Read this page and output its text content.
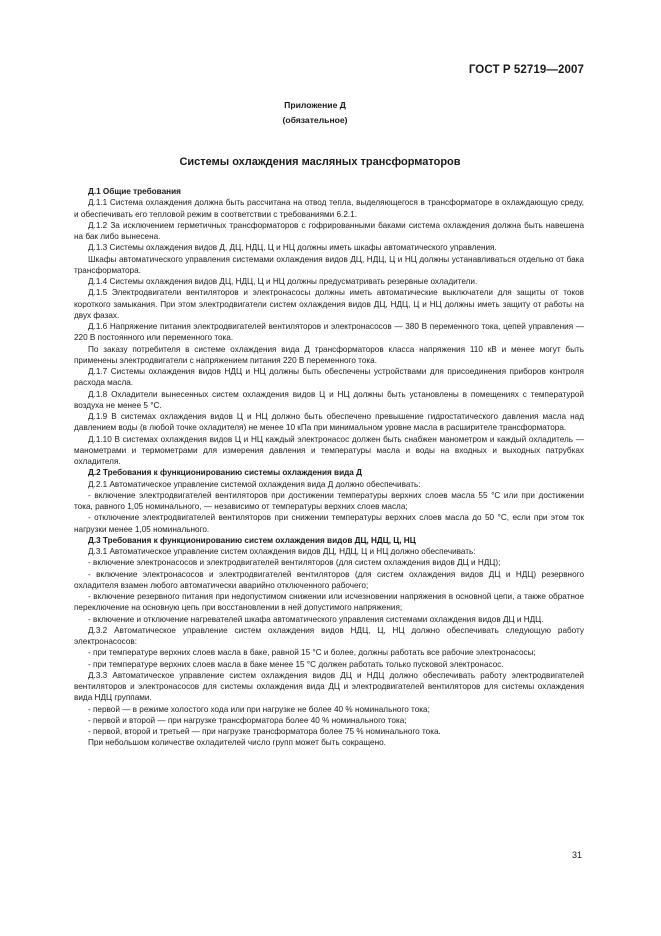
ГОСТ Р 52719—2007
Приложение Д
(обязательное)
Системы охлаждения масляных трансформаторов

Д.1 Общие требования

Д.1.1 Система охлаждения должна быть рассчитана на отвод тепла, выделяющегося в трансформаторе в охлаждающую среду, и обеспечивать его тепловой режим в соответствии с требованиями 6.2.1.

Д.1.2 За исключением герметичных трансформаторов с гофрированными баками система охлаждения должна быть навешена на бак либо вынесена.

Д.1.3 Системы охлаждения видов Д, ДЦ, НДЦ, Ц и НЦ должны иметь шкафы автоматического управления.

Шкафы автоматического управления системами охлаждения видов ДЦ, НДЦ, Ц и НЦ должны устанавливаться отдельно от бака трансформатора.

Д.1.4 Системы охлаждения видов ДЦ, НДЦ, Ц и НЦ должны предусматривать резервные охладители.

Д.1.5 Электродвигатели вентиляторов и электронасосы должны иметь автоматические выключатели для защиты от токов короткого замыкания. При этом электродвигатели систем охлаждения видов ДЦ, НДЦ, Ц и НЦ должны иметь защиту от работы на двух фазах.

Д.1.6 Напряжение питания электродвигателей вентиляторов и электронасосов — 380 В переменного тока, цепей управления — 220 В постоянного или переменного тока.

По заказу потребителя в системе охлаждения вида Д трансформаторов класса напряжения 110 кВ и менее могут быть применены электродвигатели с напряжением питания 220 В переменного тока.

Д.1.7 Системы охлаждения видов НДЦ и НЦ должны быть обеспечены устройствами для присоединения приборов контроля расхода масла.

Д.1.8 Охладители вынесенных систем охлаждения видов Ц и НЦ должны быть установлены в помещениях с температурой воздуха не менее 5 °С.

Д.1.9 В системах охлаждения видов Ц и НЦ должно быть обеспечено превышение гидростатического давления масла над давлением воды (в любой точке охладителя) не менее 10 кПа при минимальном уровне масла в расширителе трансформатора.

Д.1.10 В системах охлаждения видов Ц и НЦ каждый электронасос должен быть снабжен манометром и каждый охладитель — манометрами и термометрами для измерения давления и температуры масла и воды на входных и выходных патрубках охладителя.

Д.2 Требования к функционированию системы охлаждения вида Д

Д.2.1 Автоматическое управление системой охлаждения вида Д должно обеспечивать:

- включение электродвигателей вентиляторов при достижении температуры верхних слоев масла 55 °С или при достижении тока, равного 1,05 номинального, — независимо от температуры верхних слоев масла;

- отключение электродвигателей вентиляторов при снижении температуры верхних слоев масла до 50 °С, если при этом ток нагрузки менее 1,05 номинального.

Д.3 Требования к функционированию систем охлаждения видов ДЦ, НДЦ, Ц, НЦ

Д.3.1 Автоматическое управление систем охлаждения видов ДЦ, НДЦ, Ц и НЦ должно обеспечивать:

- включение электронасосов и электродвигателей вентиляторов (для систем охлаждения видов ДЦ и НДЦ);

- включение электронасосов и электродвигателей вентиляторов (для систем охлаждения видов ДЦ и НДЦ) резервного охладителя взамен любого автоматически аварийно отключенного рабочего;

- включение резервного питания при недопустимом снижении или исчезновении напряжения в основной цепи, а также обратное переключение на основную цепь при восстановлении в ней допустимого напряжения;

- включение и отключение нагревателей шкафа автоматического управления системами охлаждения видов ДЦ и НДЦ.

Д.3.2 Автоматическое управление систем охлаждения видов НДЦ, Ц, НЦ должно обеспечивать следующую работу электронасосов:

- при температуре верхних слоев масла в баке, равной 15 °С и более, должны работать все рабочие электронасосы;

- при температуре верхних слоев масла в баке менее 15 °С должен работать только пусковой электронасос.

Д.3.3 Автоматическое управление систем охлаждения видов ДЦ и НДЦ должно обеспечивать работу электродвигателей вентиляторов и электронасосов для системы охлаждения вида ДЦ и электродвигателей вентиляторов для системы охлаждения вида НДЦ группами.

- первой — в режиме холостого хода или при нагрузке не более 40 % номинального тока;

- первой и второй — при нагрузке трансформатора более 40 % номинального тока;

- первой, второй и третьей — при нагрузке трансформатора более 75 % номинального тока.

При небольшом количестве охладителей число групп может быть сокращено.

31
